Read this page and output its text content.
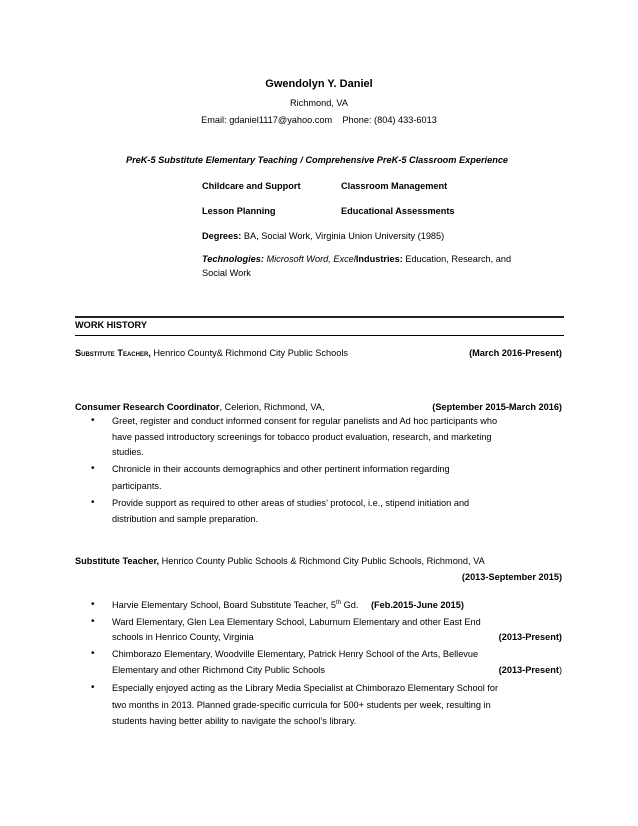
Gwendolyn Y. Daniel
Richmond, VA
Email: gdaniel1117@yahoo.com    Phone: (804) 433-6013
PreK-5 Substitute Elementary Teaching / Comprehensive PreK-5 Classroom Experience
Childcare and Support	Classroom Management
Lesson Planning	Educational Assessments
Degrees: BA, Social Work, Virginia Union University (1985)
Technologies: Microsoft Word, ExcelIndustries: Education, Research, and
Social Work
WORK HISTORY
Substitute Teacher, Henrico County& Richmond City Public Schools	(March 2016-Present)
Consumer Research Coordinator, Celerion, Richmond, VA,	(September 2015-March 2016)
• Greet, register and conduct informed consent for regular panelists and Ad hoc participants who
have passed introductory screenings for tobacco product evaluation, research, and marketing
studies.
• Chronicle in their accounts demographics and other pertinent information regarding
participants.
• Provide support as required to other areas of studies’ protocol, i.e., stipend initiation and
distribution and sample preparation.
Substitute Teacher, Henrico County Public Schools & Richmond City Public Schools, Richmond, VA
(2013-September 2015)
• Harvie Elementary School, Board Substitute Teacher, 5th Gd. (Feb.2015-June 2015)
• Ward Elementary, Glen Lea Elementary School, Laburnum Elementary and other East End
schools in Henrico County, Virginia	(2013-Present)
• Chimborazo Elementary, Woodville Elementary, Patrick Henry School of the Arts, Bellevue
Elementary and other Richmond City Public Schools	(2013-Present)
• Especially enjoyed acting as the Library Media Specialist at Chimborazo Elementary School for
two months in 2013. Planned grade-specific curricula for 500+ students per week, resulting in
students having better ability to navigate the school’s library.
